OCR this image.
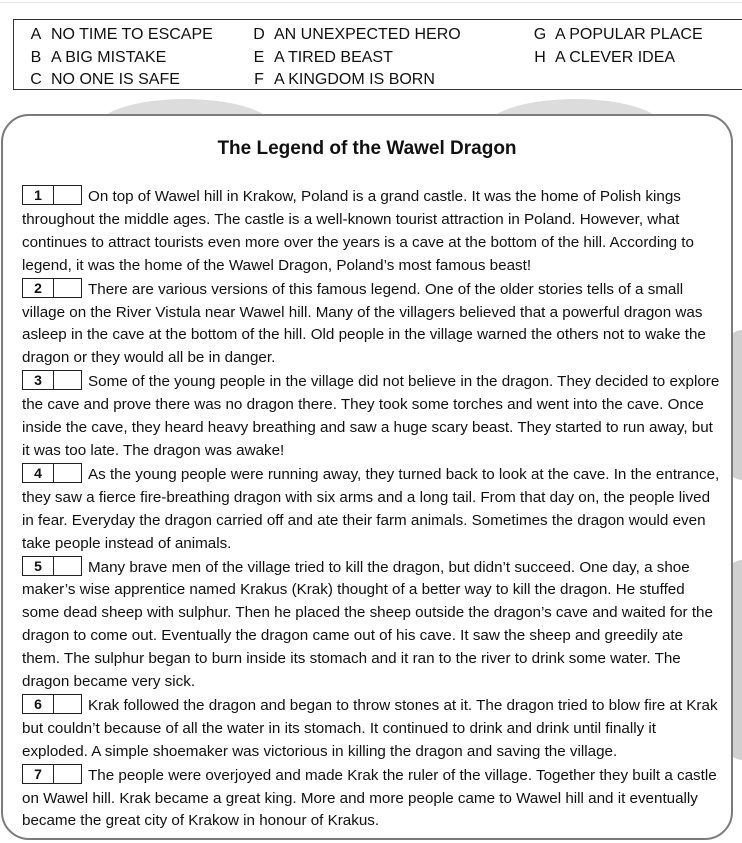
A NO TIME TO ESCAPE
B A BIG MISTAKE
C NO ONE IS SAFE
D AN UNEXPECTED HERO
E A TIRED BEAST
F A KINGDOM IS BORN
G A POPULAR PLACE
H A CLEVER IDEA
The Legend of the Wawel Dragon

1	On top of Wawel hill in Krakow, Poland is a grand castle. It was the home of Polish kings throughout the middle ages. The castle is a well-known tourist attraction in Poland. However, what continues to attract tourists even more over the years is a cave at the bottom of the hill. According to legend, it was the home of the Wawel Dragon, Poland’s most famous beast!

2	There are various versions of this famous legend. One of the older stories tells of a small village on the River Vistula near Wawel hill. Many of the villagers believed that a powerful dragon was asleep in the cave at the bottom of the hill. Old people in the village warned the others not to wake the dragon or they would all be in danger.

3	Some of the young people in the village did not believe in the dragon. They decided to explore the cave and prove there was no dragon there. They took some torches and went into the cave. Once inside the cave, they heard heavy breathing and saw a huge scary beast. They started to run away, but it was too late. The dragon was awake!

4	As the young people were running away, they turned back to look at the cave. In the entrance, they saw a fierce fire-breathing dragon with six arms and a long tail. From that day on, the people lived in fear. Everyday the dragon carried off and ate their farm animals. Sometimes the dragon would even take people instead of animals.

5	Many brave men of the village tried to kill the dragon, but didn’t succeed. One day, a shoe maker’s wise apprentice named Krakus (Krak) thought of a better way to kill the dragon. He stuffed some dead sheep with sulphur. Then he placed the sheep outside the dragon’s cave and waited for the dragon to come out. Eventually the dragon came out of his cave. It saw the sheep and greedily ate them. The sulphur began to burn inside its stomach and it ran to the river to drink some water. The dragon became very sick.

6	Krak followed the dragon and began to throw stones at it. The dragon tried to blow fire at Krak but couldn’t because of all the water in its stomach. It continued to drink and drink until finally it exploded. A simple shoemaker was victorious in killing the dragon and saving the village.

7	The people were overjoyed and made Krak the ruler of the village. Together they built a castle on Wawel hill. Krak became a great king. More and more people came to Wawel hill and it eventually became the great city of Krakow in honour of Krakus.
